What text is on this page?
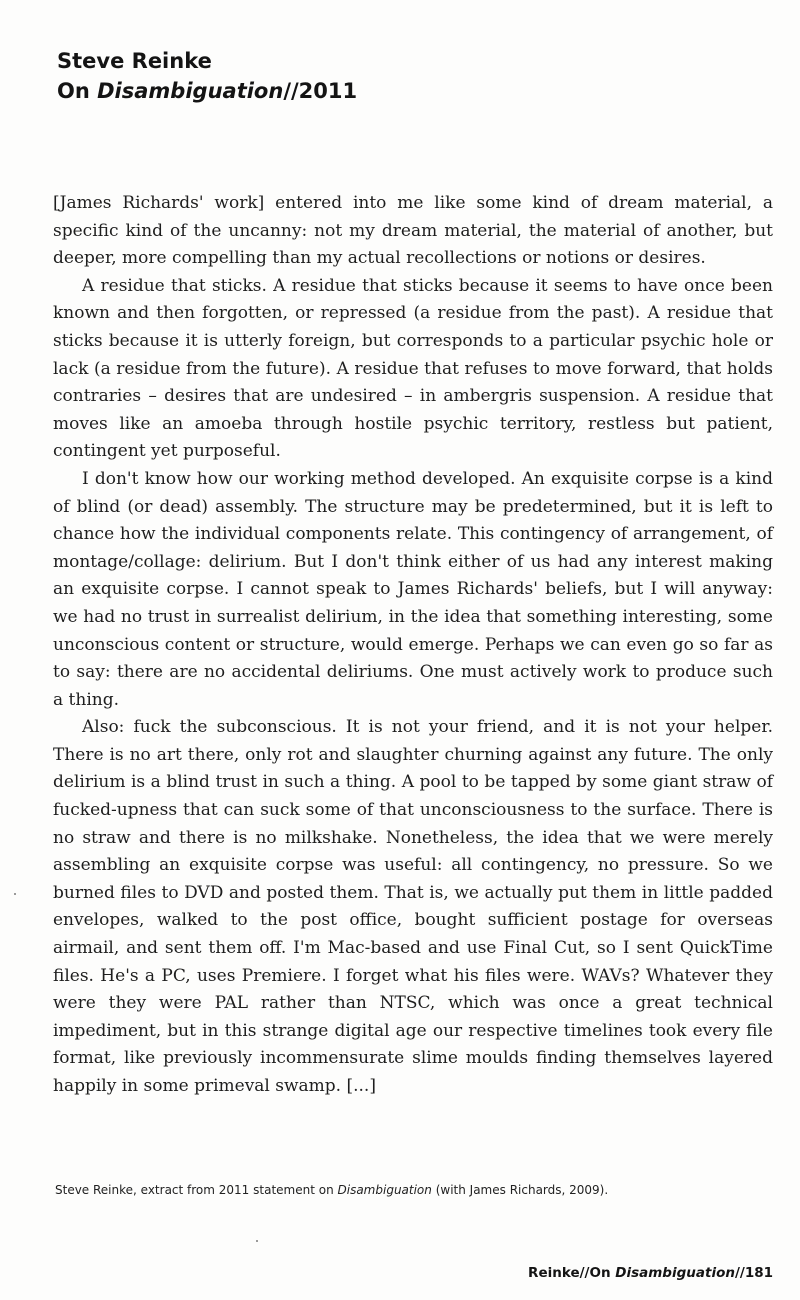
Steve Reinke
On Disambiguation//2011

[James Richards' work] entered into me like some kind of dream material, a specific kind of the uncanny: not my dream material, the material of another, but deeper, more compelling than my actual recollections or notions or desires.

A residue that sticks. A residue that sticks because it seems to have once been known and then forgotten, or repressed (a residue from the past). A residue that sticks because it is utterly foreign, but corresponds to a particular psychic hole or lack (a residue from the future). A residue that refuses to move forward, that holds contraries – desires that are undesired – in ambergris suspension. A residue that moves like an amoeba through hostile psychic territory, restless but patient, contingent yet purposeful.

I don't know how our working method developed. An exquisite corpse is a kind of blind (or dead) assembly. The structure may be predetermined, but it is left to chance how the individual components relate. This contingency of arrangement, of montage/collage: delirium. But I don't think either of us had any interest making an exquisite corpse. I cannot speak to James Richards' beliefs, but I will anyway: we had no trust in surrealist delirium, in the idea that something interesting, some unconscious content or structure, would emerge. Perhaps we can even go so far as to say: there are no accidental deliriums. One must actively work to produce such a thing.

Also: fuck the subconscious. It is not your friend, and it is not your helper. There is no art there, only rot and slaughter churning against any future. The only delirium is a blind trust in such a thing. A pool to be tapped by some giant straw of fucked-upness that can suck some of that unconsciousness to the surface. There is no straw and there is no milkshake. Nonetheless, the idea that we were merely assembling an exquisite corpse was useful: all contingency, no pressure. So we burned files to DVD and posted them. That is, we actually put them in little padded envelopes, walked to the post office, bought sufficient postage for overseas airmail, and sent them off. I'm Mac-based and use Final Cut, so I sent QuickTime files. He's a PC, uses Premiere. I forget what his files were. WAVs? Whatever they were they were PAL rather than NTSC, which was once a great technical impediment, but in this strange digital age our respective timelines took every file format, like previously incommensurate slime moulds finding themselves layered happily in some primeval swamp. [...]

Steve Reinke, extract from 2011 statement on Disambiguation (with James Richards, 2009).
Reinke//On Disambiguation//181
